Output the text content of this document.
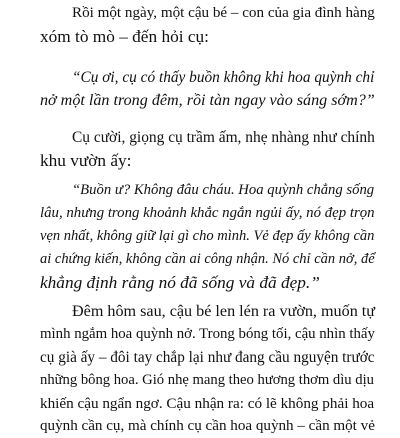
Rồi một ngày, một cậu bé – con của gia đình hàng
xóm tò mò – đến hỏi cụ:

“Cụ ơi, cụ có thấy buồn không khi hoa quỳnh chỉ
nở một lần trong đêm, rồi tàn ngay vào sáng sớm?”

Cụ cười, giọng cụ trầm ấm, nhẹ nhàng như chính
khu vườn ấy:

“Buồn ư? Không đâu cháu. Hoa quỳnh chẳng sống
lâu, nhưng trong khoảnh khắc ngắn ngủi ấy, nó đẹp trọn
vẹn nhất, không giữ lại gì cho mình. Vẻ đẹp ấy không cần
ai chứng kiến, không cần ai công nhận. Nó chỉ cần nở, để
khẳng định rằng nó đã sống và đã đẹp.”

Đêm hôm sau, cậu bé len lén ra vườn, muốn tự
mình ngắm hoa quỳnh nở. Trong bóng tối, cậu nhìn thấy
cụ già ấy – đôi tay chắp lại như đang cầu nguyện trước
những bông hoa. Gió nhẹ mang theo hương thơm dìu dịu
khiến cậu ngẩn ngơ. Cậu nhận ra: có lẽ không phải hoa
quỳnh cần cụ, mà chính cụ cần hoa quỳnh – cần một vẻ
